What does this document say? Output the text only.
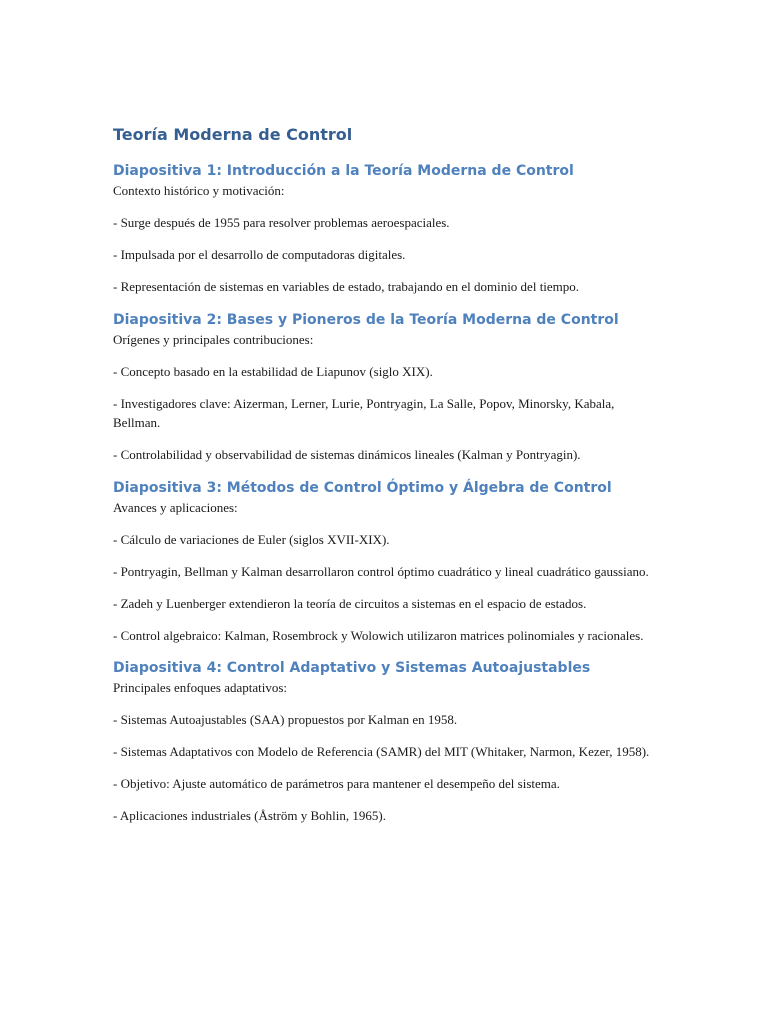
Teoría Moderna de Control
Diapositiva 1: Introducción a la Teoría Moderna de Control

Contexto histórico y motivación:

- Surge después de 1955 para resolver problemas aeroespaciales.

- Impulsada por el desarrollo de computadoras digitales.

- Representación de sistemas en variables de estado, trabajando en el dominio del tiempo.

Diapositiva 2: Bases y Pioneros de la Teoría Moderna de Control

Orígenes y principales contribuciones:

- Concepto basado en la estabilidad de Liapunov (siglo XIX).

- Investigadores clave: Aizerman, Lerner, Lurie, Pontryagin, La Salle, Popov, Minorsky, Kabala, Bellman.

- Controlabilidad y observabilidad de sistemas dinámicos lineales (Kalman y Pontryagin).

Diapositiva 3: Métodos de Control Óptimo y Álgebra de Control

Avances y aplicaciones:

- Cálculo de variaciones de Euler (siglos XVII-XIX).

- Pontryagin, Bellman y Kalman desarrollaron control óptimo cuadrático y lineal cuadrático gaussiano.

- Zadeh y Luenberger extendieron la teoría de circuitos a sistemas en el espacio de estados.

- Control algebraico: Kalman, Rosembrock y Wolowich utilizaron matrices polinomiales y racionales.

Diapositiva 4: Control Adaptativo y Sistemas Autoajustables

Principales enfoques adaptativos:

- Sistemas Autoajustables (SAA) propuestos por Kalman en 1958.

- Sistemas Adaptativos con Modelo de Referencia (SAMR) del MIT (Whitaker, Narmon, Kezer, 1958).

- Objetivo: Ajuste automático de parámetros para mantener el desempeño del sistema.

- Aplicaciones industriales (Åström y Bohlin, 1965).
